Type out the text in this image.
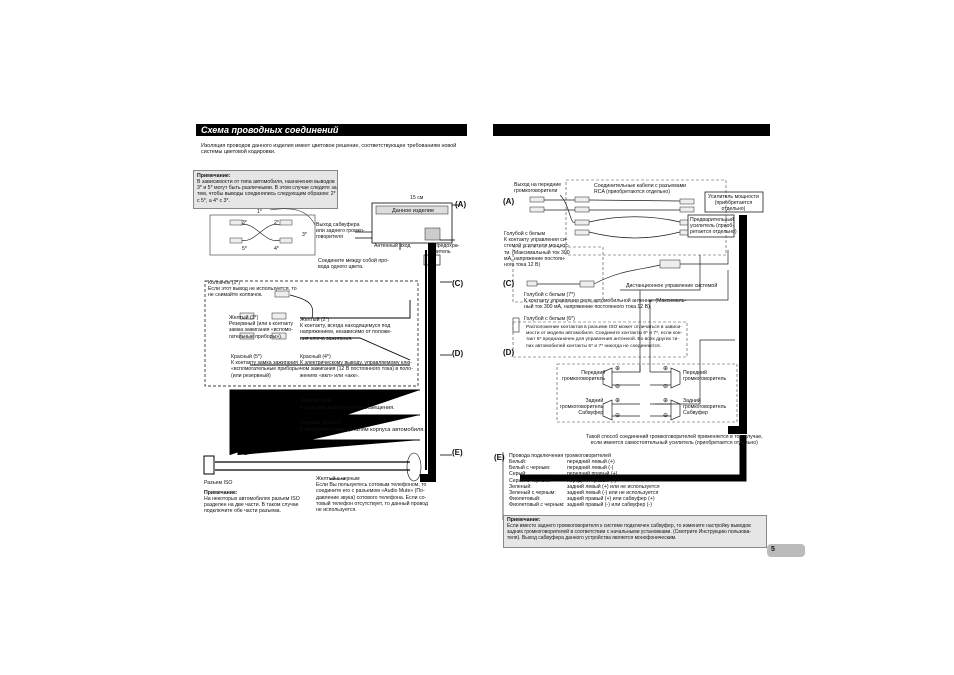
Схема проводных соединений
Изоляция проводов данного изделия имеет цветовое решение, соответствующее требованиям новой
системы цветовой кодировки.
Примечание:
В зависимости от типа автомобиля, назначения выводов
3* и 5* могут быть различными. В этом случае следите за
тем, чтобы выводы соединялись следующим образом: 2*
с 5*, а 4* с 3*.
1*
3*	2*
5*	4*
3*
15 см
Данное изделие
Выход сабвуфера
или заднего громко-
говорителя
Антенный вход	Предохра-
нитель
Соедините между собой про-
вода одного цвета.
(A)
(C)
(D)
(E)
Колпачок (1*)
Если этот вывод не используется, то
не снимайте колпачок.
Желтый (3*)
Резервный (или к контакту
замка зажигания «вспомо-
гательные приборы»).
Желтый (2*)
К контакту, всегда находящемуся под
напряжением, независимо от положе-
ния ключа зажигания.
Красный (5*)
К контакту замка зажигания
«вспомогательные приборы»
(или резервный)
Красный (4*)
К электрическому выводу, управляемому клю-
чом зажигания (12 В постоянного тока) в поло-
жениях «вкл» или «акк».
Оранжевый
К разъему выключателя освещения.
Черный (масса)
К металлическим деталям корпуса автомобиля.
Разъем ISO
Примечание:
На некоторых автомобилях разъем ISO
разделен на две части. В таком случае
подключите обе части разъема.
Желтый с черным
Если Вы пользуетесь сотовым телефоном, то
соедините его с разъемом «Audio Mute» (По-
давление звука) сотового телефона. Если со-
товый телефон отсутствует, то данный провод
не используется.
Выход на передние
громкоговорители
Соединительные кабели с разъемами
RCA (приобретаются отдельно)
Усилитель мощности
(приобретается
отдельно)
Предварительный
усилитель (приоб-
ретается отдельно)
Голубой с белым
К контакту управления си-
стемой усилителя мощнос-
ти. (Максимальный ток 300
мА, напряжение постоян-
ного тока 12 В)
Дистанционное управление системой
Голубой с белым (7*)
К контакту управления реле автомобильной антенны. (Максималь-
ный ток 300 мА, напряжение постоянного тока 12 В).
Голубой с белым (6*)
Расположение контактов в разъеме ISO может отличаться в зависи-
мости от модели автомобиля. Соедините контакты 6* и 7*, если кон-
такт 5* предназначен для управления антенной. Во всех других ти-
пах автомобилей контакты 6* и 7* никогда не соединяются.
(A)
(C)
(D)
(E)
Передний
громкоговоритель
Передний
громкоговоритель
Задний
громкоговоритель
Сабвуфер
Задний
громкоговоритель
Сабвуфер
⊕
⊖
⊕
⊖
⊕
⊖
⊕
⊖
Такой способ соединений громкоговорителей применяется в том случае,
если имеется самостоятельный усилитель (приобретается отдельно)
Провода подключения громкоговорителей
Белый:	передний левый (+)
Белый с черным:	передний левый (-)
Серый:	передний правый (+)
Серый с черным:	передний правый (-)
Зеленый:	задний левый (+) или не используется
Зеленый с черным: задний левый (-) или не используется
Фиолетовый:	задний правый (+) или сабвуфер (+)
Фиолетовый с черным: задний правый (-) или сабвуфер (-)
Примечание:
Если вместо заднего громкоговорителя к системе подключен сабвуфер, то измените настройку выводов
задних громкоговорителей в соответствии с начальными установками. (Смотрите Инструкцию пользова-
теля). Выход сабвуфера данного устройства является монофоническим.
5
